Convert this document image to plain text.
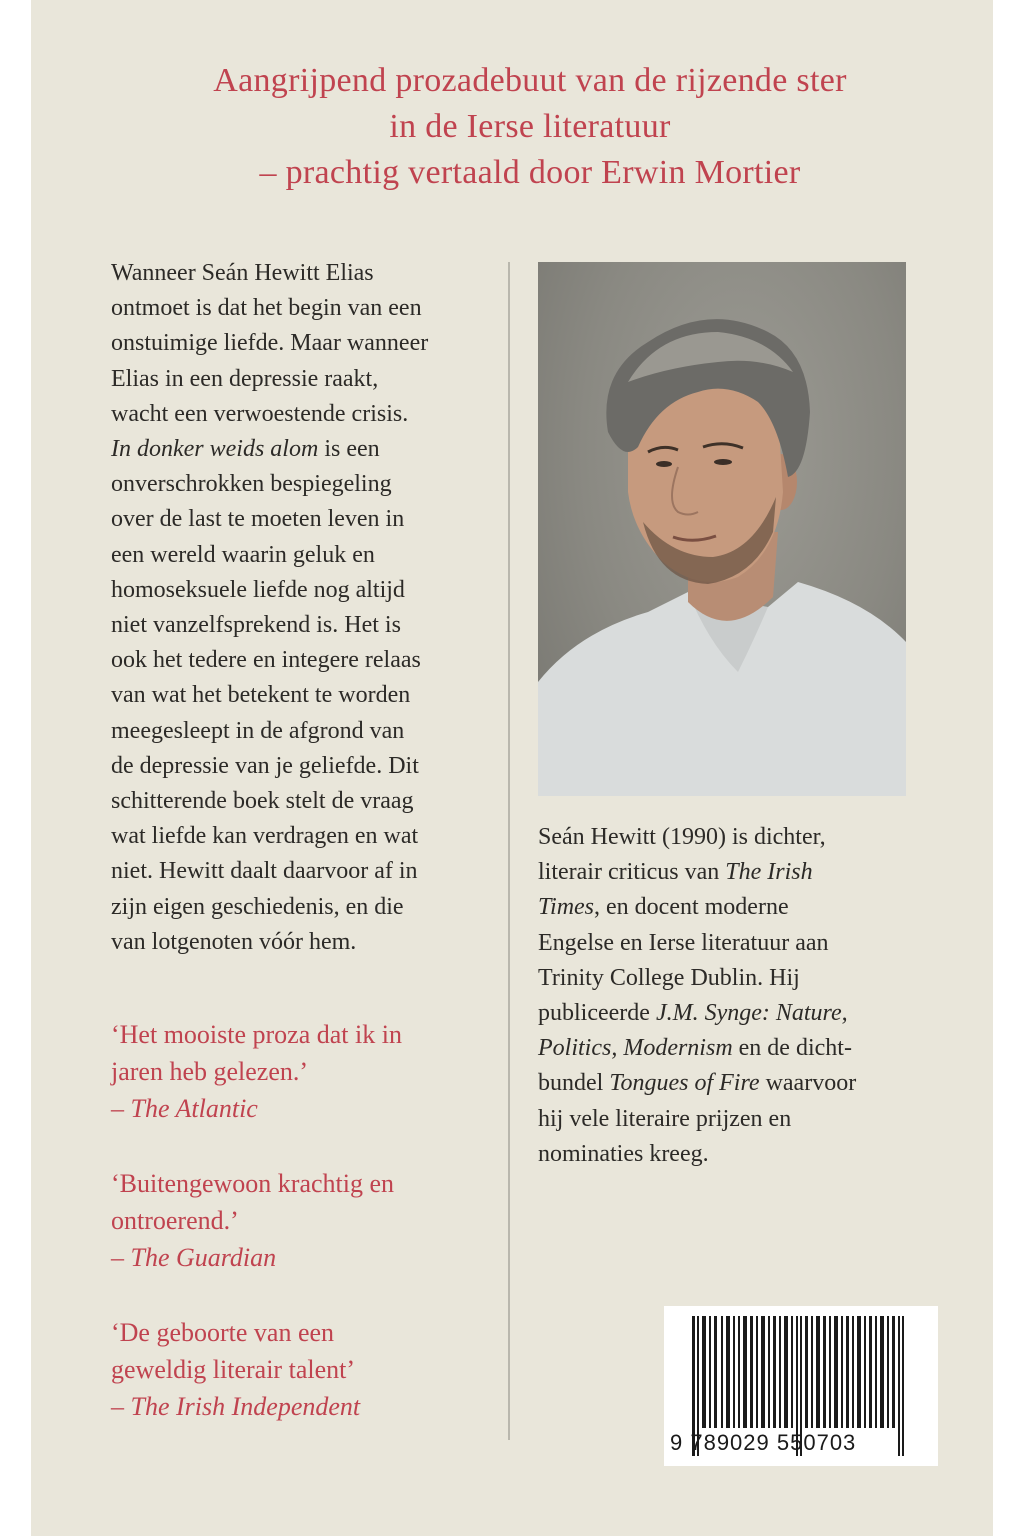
Aangrijpend prozadebuut van de rijzende ster
in de Ierse literatuur
– prachtig vertaald door Erwin Mortier
Wanneer Seán Hewitt Elias
ontmoet is dat het begin van een
onstuimige liefde. Maar wanneer
Elias in een depressie raakt,
wacht een verwoestende crisis.
In donker weids alom is een
onverschrokken bespiegeling
over de last te moeten leven in
een wereld waarin geluk en
homoseksuele liefde nog altijd
niet vanzelfsprekend is. Het is
ook het tedere en integere relaas
van wat het betekent te worden
meegesleept in de afgrond van
de depressie van je geliefde. Dit
schitterende boek stelt de vraag
wat liefde kan verdragen en wat
niet. Hewitt daalt daarvoor af in
zijn eigen geschiedenis, en die
van lotgenoten vóór hem.
Seán Hewitt (1990) is dichter,
literair criticus van The Irish
Times, en docent moderne
Engelse en Ierse literatuur aan
Trinity College Dublin. Hij
publiceerde J.M. Synge: Nature,
Politics, Modernism en de dicht-
bundel Tongues of Fire waarvoor
hij vele literaire prijzen en
nominaties kreeg.
‘Het mooiste proza dat ik in
jaren heb gelezen.’
– The Atlantic
‘Buitengewoon krachtig en
ontroerend.’
– The Guardian
‘De geboorte van een
geweldig literair talent’
– The Irish Independent
9 789029 550703
